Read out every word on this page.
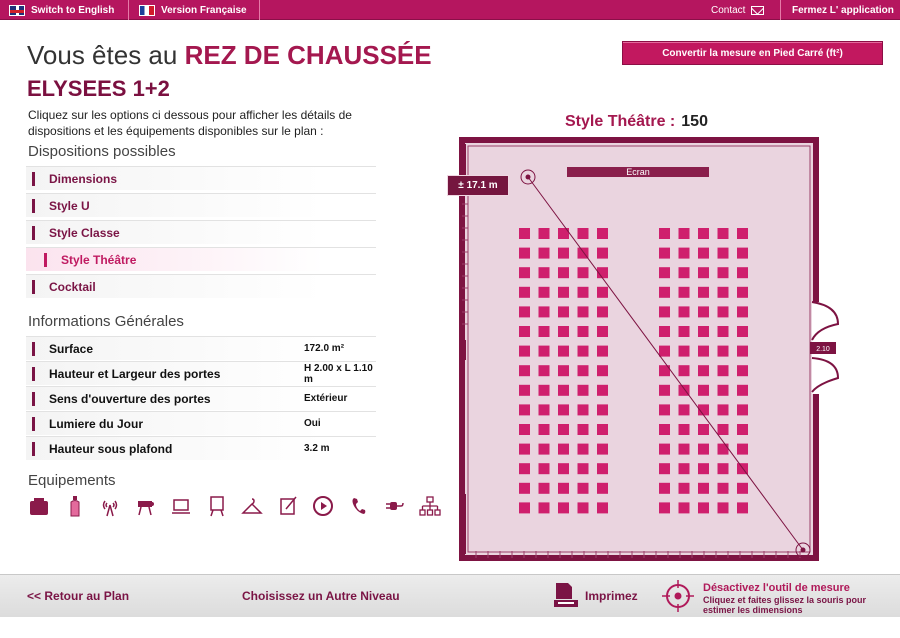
Switch to English	Version Française	Contact	Fermez L' application
Vous êtes au REZ DE CHAUSSÉE
ELYSEES 1+2
Cliquez sur les options ci dessous pour afficher les détails de dispositions et les équipements disponibles sur le plan :
Dispositions possibles
Dimensions
Style U
Style Classe
Style Théâtre
Cocktail
Informations Générales
Surface	172.0 m²
Hauteur et Largeur des portes	H 2.00 x L 1.10 m
Sens d'ouverture des portes	Extérieur
Lumiere du Jour	Oui
Hauteur sous plafond	3.2 m
Equipements
Convertir la mesure en Pied Carré (ft²)
Style Théâtre : 150
2.10
Ecran
± 17.1 m
<< Retour au Plan	Choisissez un Autre Niveau	Imprimez
Désactivez l'outil de mesure
Cliquez et faites glissez la souris pour estimer les dimensions
